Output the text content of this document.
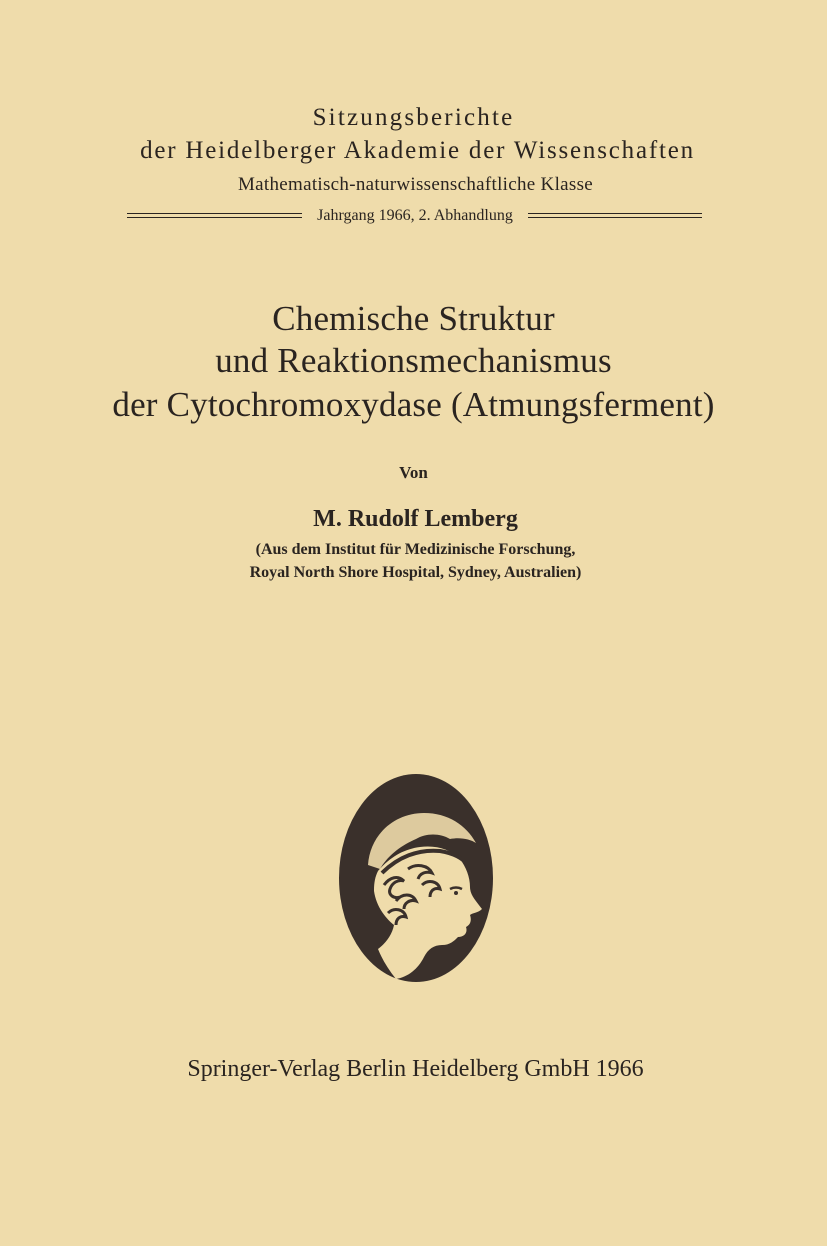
Sitzungsberichte
der Heidelberger Akademie der Wissenschaften
Mathematisch-naturwissenschaftliche Klasse
Jahrgang 1966, 2. Abhandlung
Chemische Struktur
und Reaktionsmechanismus
der Cytochromoxydase (Atmungsferment)
Von
M. Rudolf Lemberg
(Aus dem Institut für Medizinische Forschung,
Royal North Shore Hospital, Sydney, Australien)
Springer-Verlag Berlin Heidelberg GmbH 1966
